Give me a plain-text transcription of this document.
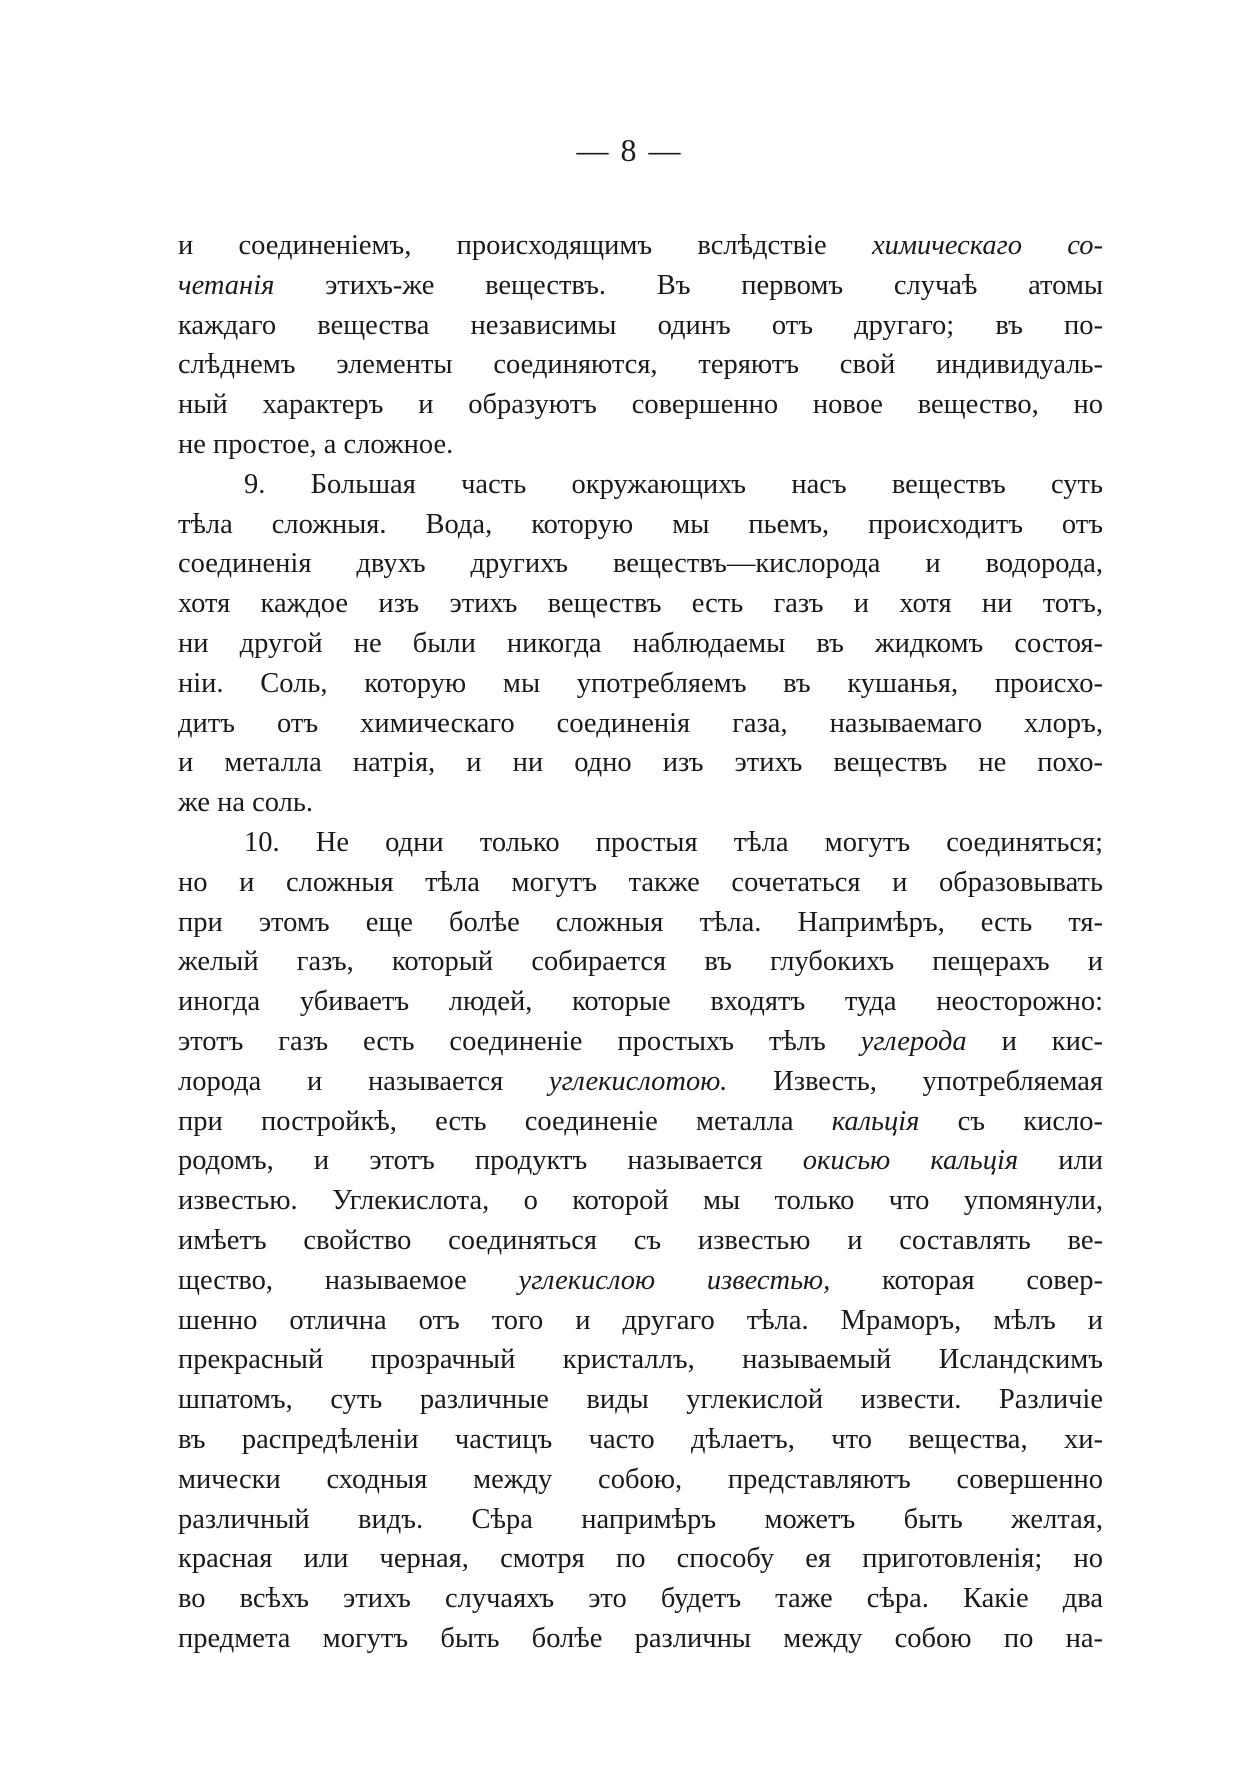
— 8 —
и соединеніемъ, происходящимъ вслѣдствіе химическаго со-
четанія этихъ-же веществъ. Въ первомъ случаѣ атомы
каждаго вещества независимы одинъ отъ другаго; въ по-
слѣднемъ элементы соединяются, теряютъ свой индивидуаль-
ный характеръ и образуютъ совершенно новое вещество, но
не простое, а сложное.
9. Большая часть окружающихъ насъ веществъ суть
тѣла сложныя. Вода, которую мы пьемъ, происходитъ отъ
соединенія двухъ другихъ веществъ—кислорода и водорода,
хотя каждое изъ этихъ веществъ есть газъ и хотя ни тотъ,
ни другой не были никогда наблюдаемы въ жидкомъ состоя-
ніи. Соль, которую мы употребляемъ въ кушанья, происхо-
дитъ отъ химическаго соединенія газа, называемаго хлоръ,
и металла натрія, и ни одно изъ этихъ веществъ не похо-
же на соль.
10. Не одни только простыя тѣла могутъ соединяться;
но и сложныя тѣла могутъ также сочетаться и образовывать
при этомъ еще болѣе сложныя тѣла. Напримѣръ, есть тя-
желый газъ, который собирается въ глубокихъ пещерахъ и
иногда убиваетъ людей, которые входятъ туда неосторожно:
этотъ газъ есть соединеніе простыхъ тѣлъ углерода и кис-
лорода и называется углекислотою. Известь, употребляемая
при постройкѣ, есть соединеніе металла кальція съ кисло-
родомъ, и этотъ продуктъ называется окисью кальція или
известью. Углекислота, о которой мы только что упомянули,
имѣетъ свойство соединяться съ известью и составлять ве-
щество, называемое углекислою известью, которая совер-
шенно отлична отъ того и другаго тѣла. Мраморъ, мѣлъ и
прекрасный прозрачный кристаллъ, называемый Исландскимъ
шпатомъ, суть различные виды углекислой извести. Различіе
въ распредѣленіи частицъ часто дѣлаетъ, что вещества, хи-
мически сходныя между собою, представляютъ совершенно
различный видъ. Сѣра напримѣръ можетъ быть желтая,
красная или черная, смотря по способу ея приготовленія; но
во всѣхъ этихъ случаяхъ это будетъ таже сѣра. Какіе два
предмета могутъ быть болѣе различны между собою по на-
